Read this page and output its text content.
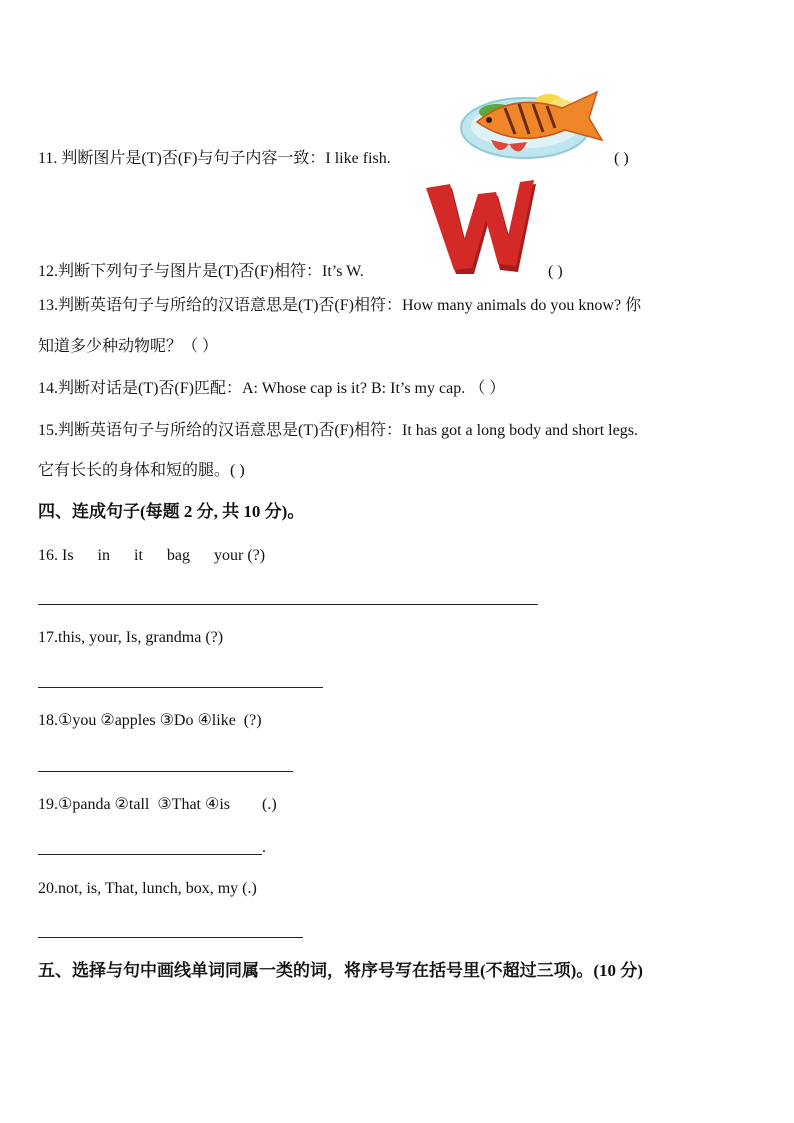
11. 判断图片是(T)否(F)与句子内容一致：I like fish.	( )
12.判断下列句子与图片是(T)否(F)相符：It’s W.	( )
13.判断英语句子与所给的汉语意思是(T)否(F)相符：How many animals do you know? 你
知道多少种动物呢？（ ）
14.判断对话是(T)否(F)匹配：A: Whose cap is it? B: It’s my cap. （ ）
15.判断英语句子与所给的汉语意思是(T)否(F)相符：It has got a long body and short legs.
它有长长的身体和短的腿。( )
四、连成句子(每题 2 分, 共 10 分)。
16. Is      in      it      bag      your (?)
17.this, your, Is, grandma (?)
18.①you ②apples ③Do ④like  (?)
19.①panda ②tall  ③That ④is        (.)
.
20.not, is, That, lunch, box, my (.)
五、选择与句中画线单词同属一类的词，将序号写在括号里(不超过三项)。(10 分)
